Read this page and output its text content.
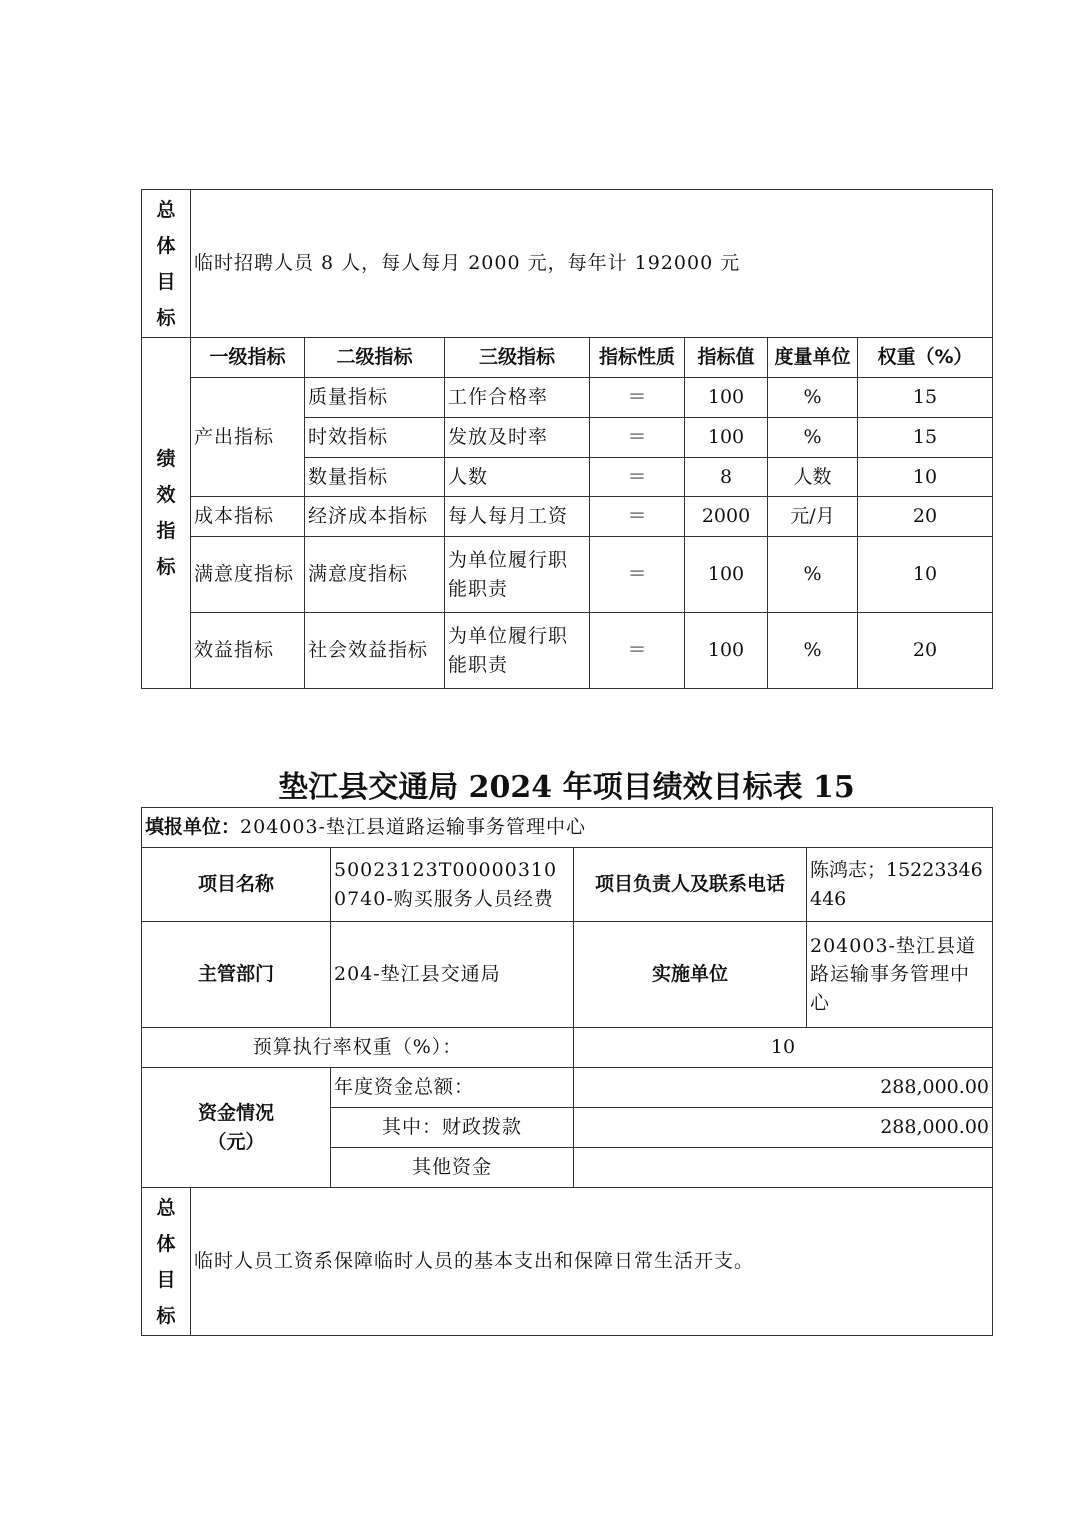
总
体
目
标	临时招聘人员 8 人，每人每月 2000 元，每年计 192000 元						

绩
效
指
标	一级指标	二级指标	三级指标	指标性质	指标值	度量单位	权重（%）
	产出指标	质量指标	工作合格率	＝	100	%	15
		时效指标	发放及时率	＝	100	%	15
		数量指标	人数	＝	8	人数	10
	成本指标	经济成本指标	每人每月工资	＝	2000	元/月	20
	满意度指标	满意度指标	为单位履行职能职责	＝	100	%	10
	效益指标	社会效益指标	为单位履行职能职责	＝	100	%	20
垫江县交通局 2024 年项目绩效目标表 15
填报单位：204003-垫江县道路运输事务管理中心				
项目名称		50023123T000003100740-购买服务人员经费	项目负责人及联系电话	陈鸿志；15223346446
主管部门		204-垫江县交通局	实施单位	204003-垫江县道路运输事务管理中心
预算执行率权重（%）：			10	

资金情况
（元）		年度资金总额：	288,000.00	
		其中：财政拨款	288,000.00	
		其他资金		

总
体
目
标	临时人员工资系保障临时人员的基本支出和保障日常生活开支。			
